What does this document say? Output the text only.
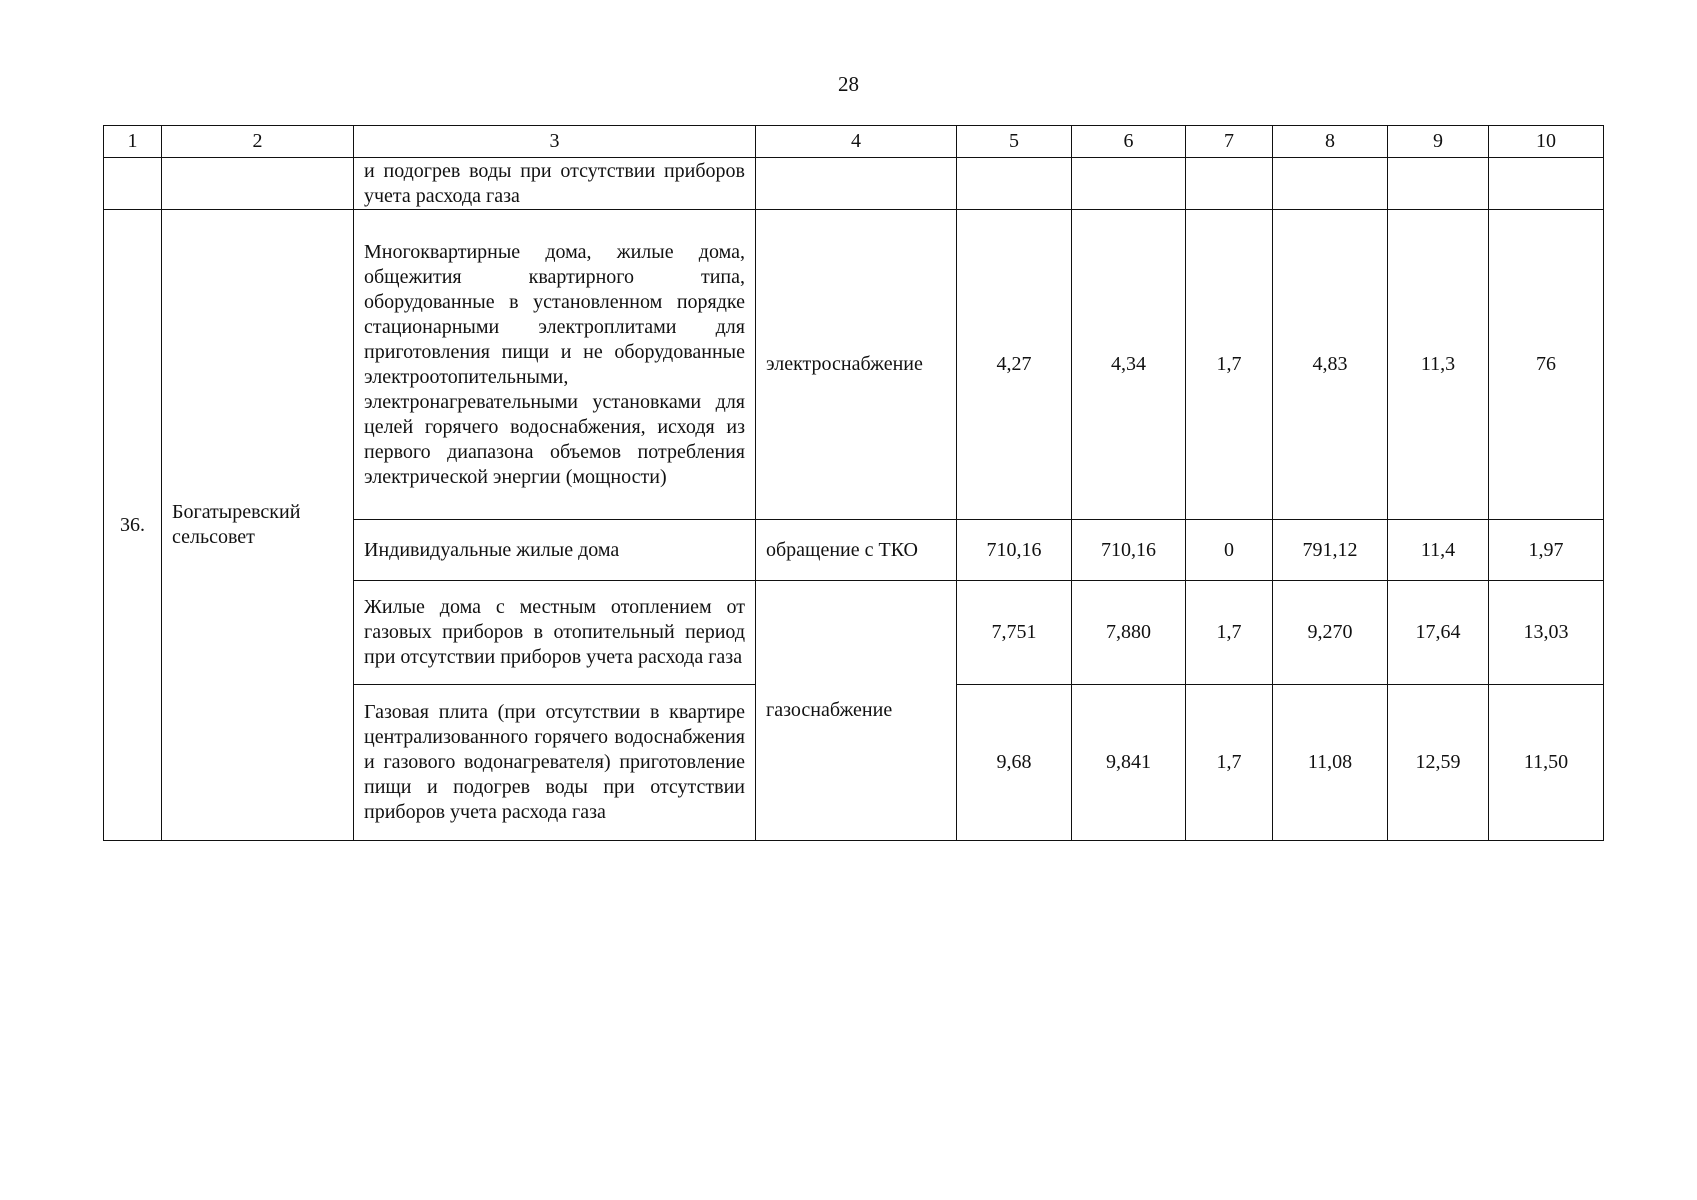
28
1	2	3	4	5	6	7	8	9	10
		и подогрев воды при отсутствии приборов учета расхода газа							
36.	Богатыревский сельсовет	Многоквартирные дома, жилые дома, общежития квартирного типа, оборудованные в установленном порядке стационарными электроплитами для приготовления пищи и не оборудованные электроотопительными, электронагревательными установками для целей горячего водоснабжения, исходя из первого диапазона объемов потребления электрической энергии (мощности)	электроснабжение	4,27	4,34	1,7	4,83	11,3	76
		Индивидуальные жилые дома	обращение с ТКО	710,16	710,16	0	791,12	11,4	1,97
		Жилые дома с местным отоплением от газовых приборов в отопительный период при отсутствии приборов учета расхода газа	газоснабжение	7,751	7,880	1,7	9,270	17,64	13,03
		Газовая плита (при отсутствии в квартире централизованного горячего водоснабжения и газового водонагревателя) приготовление пищи и подогрев воды при отсутствии приборов учета расхода газа		9,68	9,841	1,7	11,08	12,59	11,50
